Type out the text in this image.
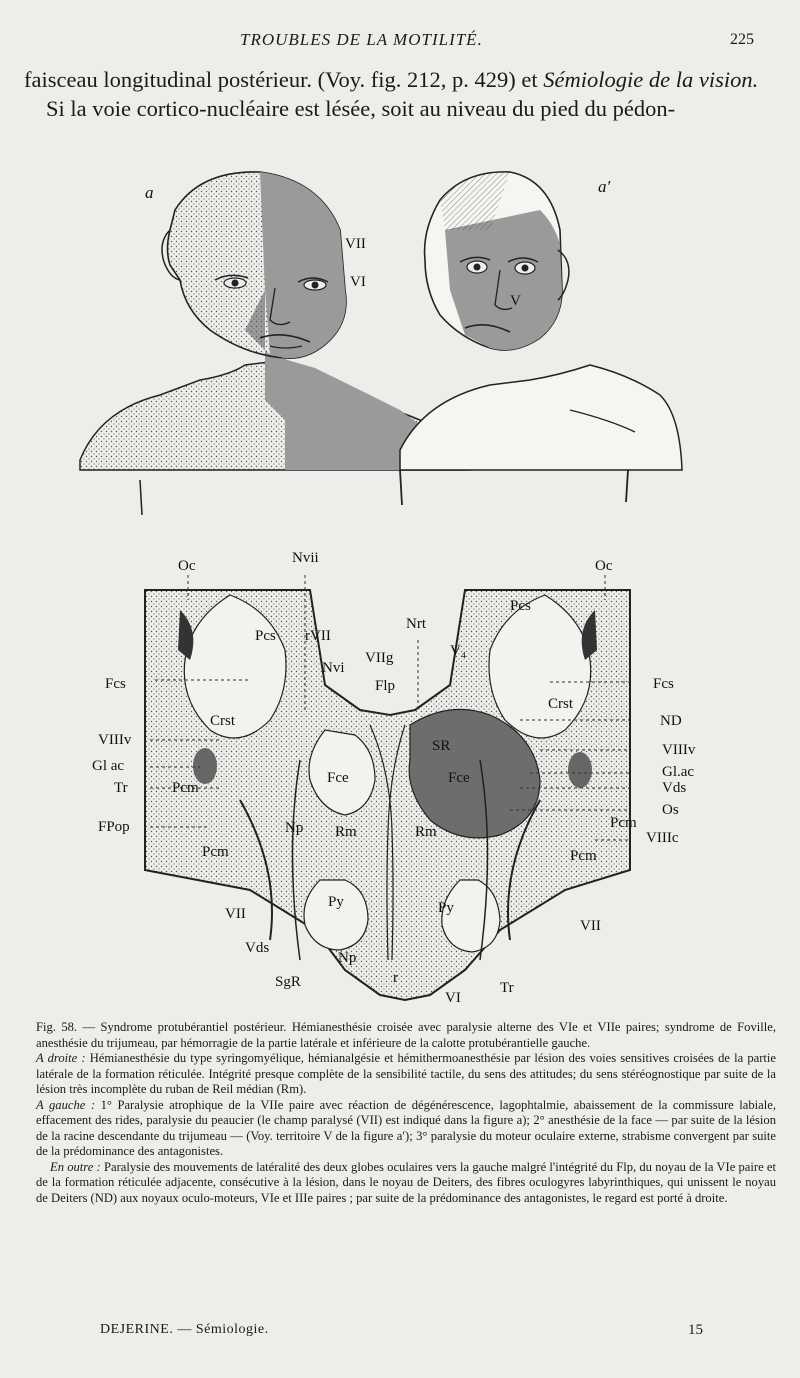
TROUBLES DE LA MOTILITÉ.	225

faisceau longitudinal postérieur. (Voy. fig. 212, p. 429) et Sémiologie de la vision.

Si la voie cortico-nucléaire est lésée, soit au niveau du pied du pédon-

VII
VI
a
V
a′
Oc	Nvii	Oc
Pcs
Pcs
rVII
Nrt
V₄
Nvi
VIIg
Flp
Fcs	Fcs
Crst
Crst
ND
SR
VIIIv
VIIIv
Gl ac	Gl.ac
Vds
Tr
Os
FPop
Pcm
Pcm
Pcm
Pcm
Fce	Fce
Np
Np
Rm	Rm	VIIIc
Py	Py
VII
VII
Vds
SgR	r
VI
Tr

Fig. 58. — Syndrome protubérantiel postérieur. Hémianesthésie croisée avec paralysie alterne des VIe et VIIe paires; syndrome de Foville, anesthésie du trijumeau, par hémorragie de la partie latérale et inférieure de la calotte protubérantielle gauche.

A droite : Hémianesthésie du type syringomyélique, hémianalgésie et hémithermoanesthésie par lésion des voies sensitives croisées de la partie latérale de la formation réticulée. Intégrité presque complète de la sensibilité tactile, du sens des attitudes; du sens stéréognostique par suite de la lésion très incomplète du ruban de Reil médian (Rm).

A gauche : 1° Paralysie atrophique de la VIIe paire avec réaction de dégénérescence, lagophtalmie, abaissement de la commissure labiale, effacement des rides, paralysie du peaucier (le champ paralysé (VII) est indiqué dans la figure a); 2° anesthésie de la face — par suite de la lésion de la racine descendante du trijumeau — (Voy. territoire V de la figure a′); 3° paralysie du moteur oculaire externe, strabisme convergent par suite de la prédominance des antagonistes.

En outre : Paralysie des mouvements de latéralité des deux globes oculaires vers la gauche malgré l'intégrité du Flp, du noyau de la VIe paire et de la formation réticulée adjacente, consécutive à la lésion, dans le noyau de Deiters, des fibres oculogyres labyrinthiques, qui unissent le noyau de Deiters (ND) aux noyaux oculo-moteurs, VIe et IIIe paires ; par suite de la prédominance des antagonistes, le regard est porté à droite.

DEJERINE. — Sémiologie.	15
